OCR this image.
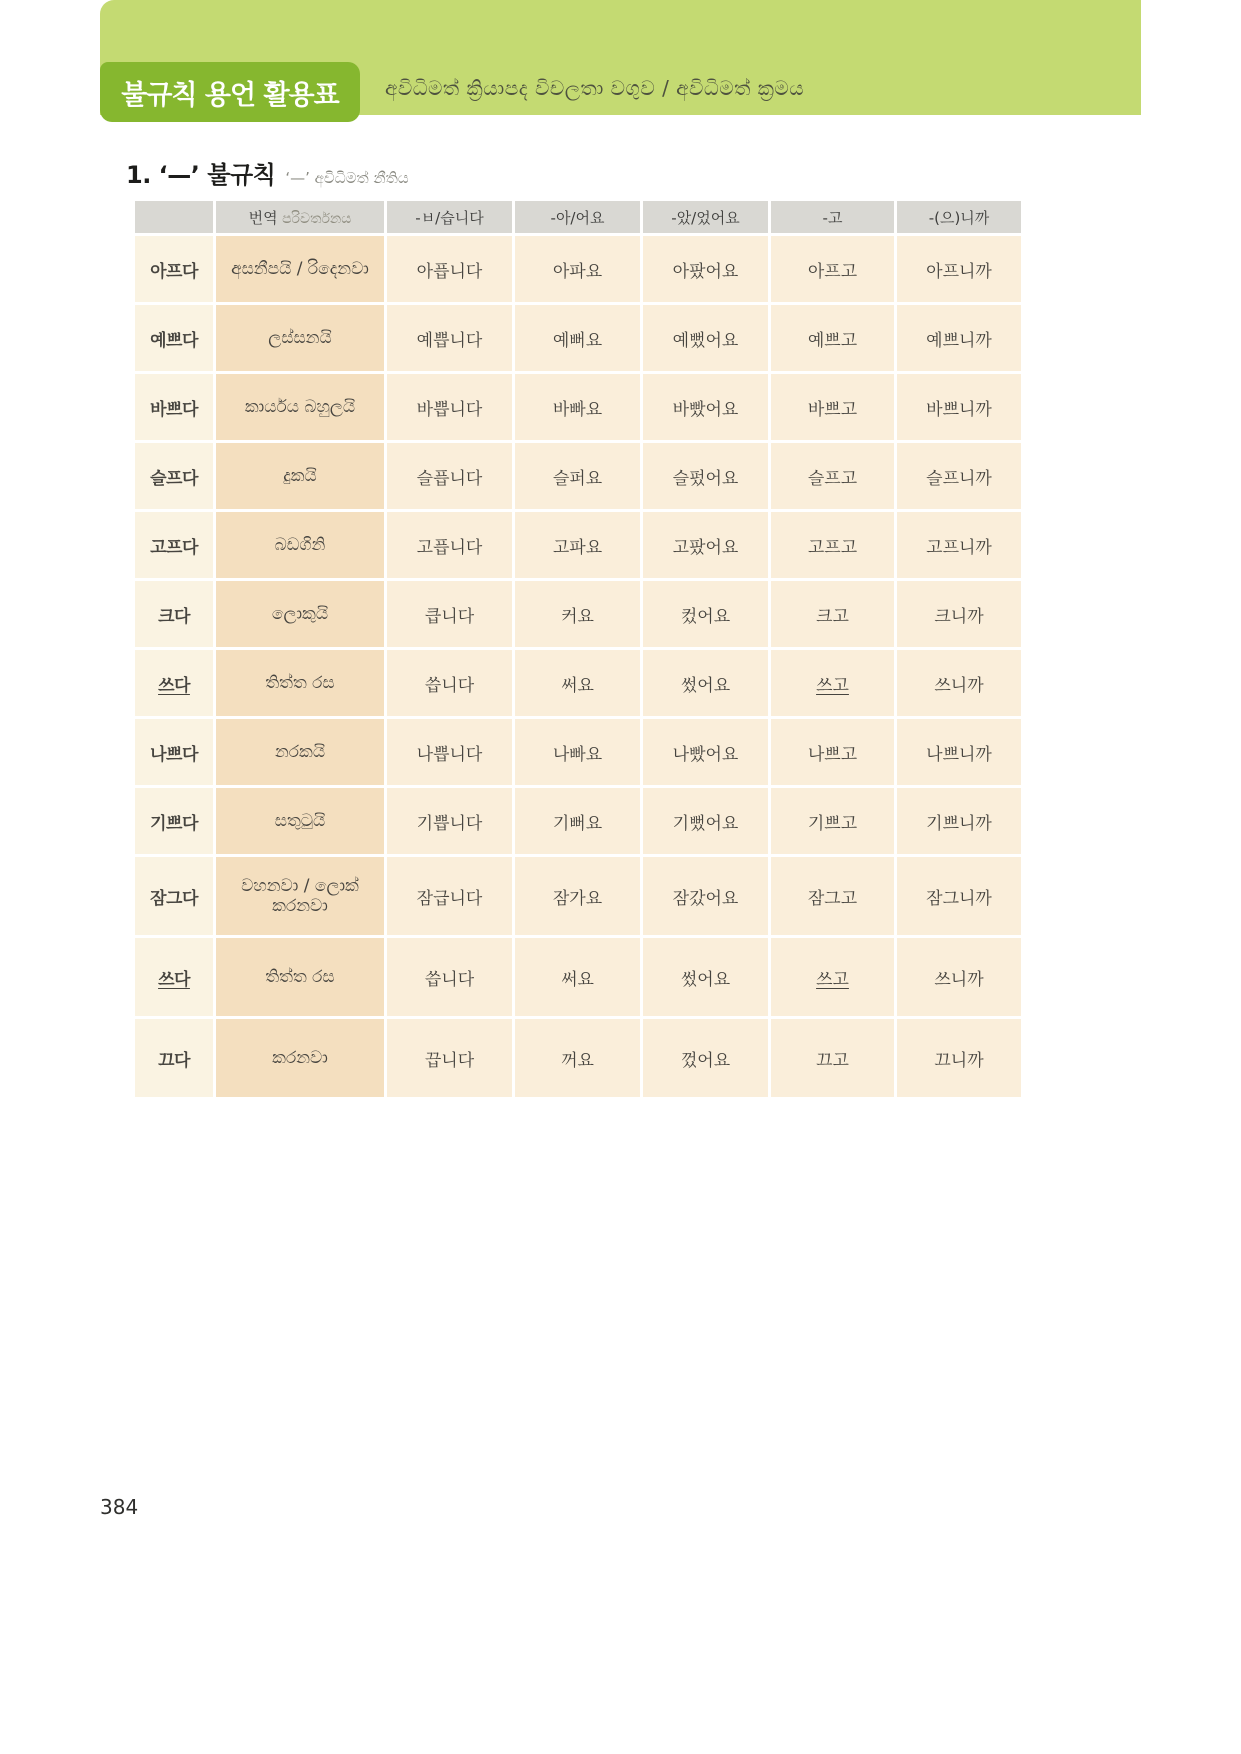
불규칙 용언 활용표 අවිධිමත් ක්‍රියාපද විචලතා වගුව / අවිධිමත් ක්‍රමය
1. ‘—’ 불규칙 ‘—’ අවිධිමත් නීතිය
	번역 පරිවර්තනය	-ㅂ/습니다	-아/어요	-았/었어요	-고	-(으)니까
아프다	අසනීපයි / රිදෙනවා	아픕니다	아파요	아팠어요	아프고	아프니까
예쁘다	ලස්සනයි	예쁩니다	예뻐요	예뻤어요	예쁘고	예쁘니까
바쁘다	කාර්යය බහුලයි	바쁩니다	바빠요	바빴어요	바쁘고	바쁘니까
슬프다	දුකයි	슬픕니다	슬퍼요	슬펐어요	슬프고	슬프니까
고프다	බඩගිනි	고픕니다	고파요	고팠어요	고프고	고프니까
크다	ලොකුයි	큽니다	커요	컸어요	크고	크니까
쓰다	තිත්ත රස	씁니다	써요	썼어요	쓰고	쓰니까
나쁘다	නරකයි	나쁩니다	나빠요	나빴어요	나쁘고	나쁘니까
기쁘다	සතුටුයි	기쁩니다	기뻐요	기뻤어요	기쁘고	기쁘니까
잠그다	වහනවා / ලොක් කරනවා	잠급니다	잠가요	잠갔어요	잠그고	잠그니까
쓰다	තිත්ත රස	씁니다	써요	썼어요	쓰고	쓰니까
끄다	කරනවා	끕니다	꺼요	껐어요	끄고	끄니까
384
